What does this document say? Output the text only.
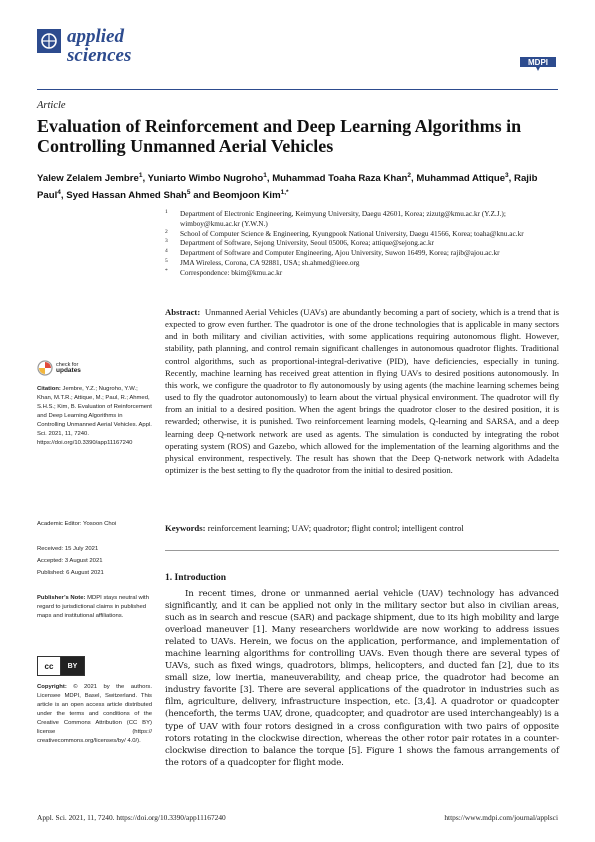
applied
sciences	MDPI
Article
Evaluation of Reinforcement and Deep Learning Algorithms in Controlling Unmanned Aerial Vehicles
Yalew Zelalem Jembre$^1$, Yuniarto Wimbo Nugroho$^1$, Muhammad Toaha Raza Khan$^2$, Muhammad Attique$^3$, Rajib Paul$^4$, Syed Hassan Ahmed Shah$^5$ and Beomjoon Kim$^{1,*}$
1 Department of Electronic Engineering, Keimyung University, Daegu 42601, Korea; zizutg@kmu.ac.kr (Y.Z.J.); wimboy@kmu.ac.kr (Y.W.N.)
2 School of Computer Science & Engineering, Kyungpook National University, Daegu 41566, Korea; toaha@knu.ac.kr
3 Department of Software, Sejong University, Seoul 05006, Korea; attique@sejong.ac.kr
4 Department of Software and Computer Engineering, Ajou University, Suwon 16499, Korea; rajib@ajou.ac.kr
5 JMA Wireless, Corona, CA 92881, USA; sh.ahmed@ieee.org
* Correspondence: bkim@kmu.ac.kr
Abstract: Unmanned Aerial Vehicles (UAVs) are abundantly becoming a part of society, which is a trend that is expected to grow even further. The quadrotor is one of the drone technologies that is applicable in many sectors and in both military and civilian activities, with some applications requiring autonomous flight. However, stability, path planning, and control remain significant challenges in autonomous quadrotor flights. Traditional control algorithms, such as proportional-integral-derivative (PID), have deficiencies, especially in tuning. Recently, machine learning has received great attention in flying UAVs to desired positions autonomously. In this work, we configure the quadrotor to fly autonomously by using agents (the machine learning schemes being used to fly the quadrotor autonomously) to learn about the virtual physical environment. The quadrotor will fly from an initial to a desired position. When the agent brings the quadrotor closer to the desired position, it is rewarded; otherwise, it is punished. Two reinforcement learning models, Q-learning and SARSA, and a deep learning deep Q-network network are used as agents. The simulation is conducted by integrating the robot operating system (ROS) and Gazebo, which allowed for the implementation of the learning algorithms and the physical environment, respectively. The result has shown that the Deep Q-network network with Adadelta optimizer is the best setting to fly the quadrotor from the initial to desired position.
Keywords: reinforcement learning; UAV; quadrotor; flight control; intelligent control
check for
updates
Citation: Jembre, Y.Z.; Nugroho, Y.W.; Khan, M.T.R.; Attique, M.; Paul, R.; Ahmed, S.H.S.; Kim, B. Evaluation of Reinforcement and Deep Learning Algorithms in Controlling Unmanned Aerial Vehicles. Appl. Sci. 2021, 11, 7240. https://doi.org/10.3390/app11167240
Academic Editor: Yosoon Choi
Received: 15 July 2021
Accepted: 3 August 2021
Published: 6 August 2021
Publisher’s Note: MDPI stays neutral with regard to jurisdictional claims in published maps and institutional affiliations.
cc	BY
Copyright: © 2021 by the authors. Licensee MDPI, Basel, Switzerland. This article is an open access article distributed under the terms and conditions of the Creative Commons Attribution (CC BY) license (https:// creativecommons.org/licenses/by/ 4.0/).
1. Introduction
In recent times, drone or unmanned aerial vehicle (UAV) technology has advanced significantly, and it can be applied not only in the military sector but also in civilian areas, such as in search and rescue (SAR) and package shipment, due to its high mobility and large overload maneuver [1]. Many researchers worldwide are now working to address issues related to UAVs. Herein, we focus on the application, performance, and implementation of machine learning algorithms for controlling UAVs. Even though there are several types of UAVs, such as fixed wings, quadrotors, blimps, helicopters, and ducted fan [2], due to its small size, low inertia, maneuverability, and cheap price, the quadrotor had become an industry favorite [3]. There are several applications of the quadrotor in industries such as film, agriculture, delivery, infrastructure inspection, etc. [3,4]. A quadrotor or quadcopter (henceforth, the terms UAV, drone, quadcopter, and quadrotor are used interchangeably) is a type of UAV with four rotors designed in a cross configuration with two pairs of opposite rotors rotating in the clockwise direction, whereas the other rotor pair rotates in a counter-clockwise direction to balance the torque [5]. Figure 1 shows the famous arrangements of the rotors of a quadcopter for flight mode.
Appl. Sci. 2021, 11, 7240. https://doi.org/10.3390/app11167240	https://www.mdpi.com/journal/applsci
